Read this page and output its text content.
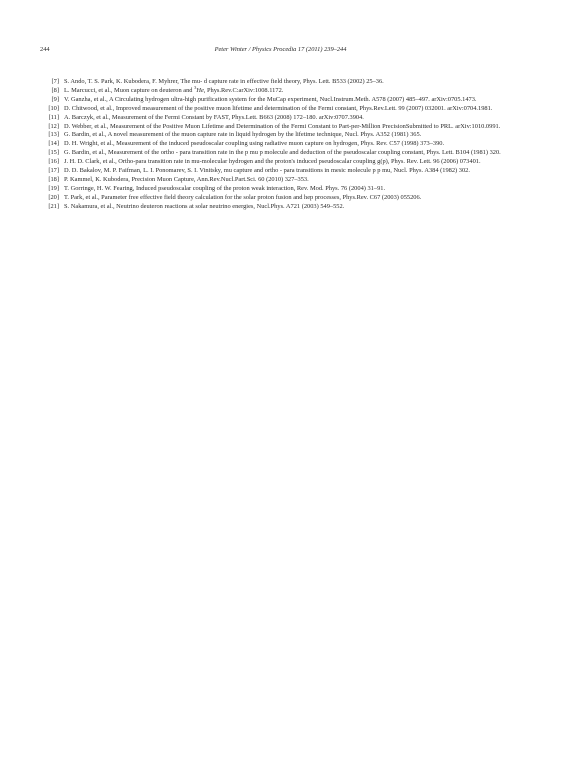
244	Peter Winter / Physics Procedia 17 (2011) 239–244
[7] S. Ando, T. S. Park, K. Kubodera, F. Myhrer, The mu- d capture rate in effective field theory, Phys. Lett. B533 (2002) 25–36.
[8] L. Marcucci, et al., Muon capture on deuteron and $^3$He, Phys.Rev.C:arXiv:1008.1172.
[9] V. Ganzha, et al., A Circulating hydrogen ultra-high purification system for the MuCap experiment, Nucl.Instrum.Meth. A578 (2007) 485–497. arXiv:0705.1473.
[10] D. Chitwood, et al., Improved measurement of the positive muon lifetime and determination of the Fermi constant, Phys.Rev.Lett. 99 (2007) 032001. arXiv:0704.1981.
[11] A. Barczyk, et al., Measurement of the Fermi Constant by FAST, Phys.Lett. B663 (2008) 172–180. arXiv:0707.3904.
[12] D. Webber, et al., Measurement of the Positive Muon Lifetime and Determination of the Fermi Constant to Part-per-Million PrecisionSubmitted to PRL. arXiv:1010.0991.
[13] G. Bardin, et al., A novel measurement of the muon capture rate in liquid hydrogen by the lifetime technique, Nucl. Phys. A352 (1981) 365.
[14] D. H. Wright, et al., Measurement of the induced pseudoscalar coupling using radiative muon capture on hydrogen, Phys. Rev. C57 (1998) 373–390.
[15] G. Bardin, et al., Measurement of the ortho - para transition rate in the p mu p molecule and deduction of the pseudoscalar coupling constant, Phys. Lett. B104 (1981) 320.
[16] J. H. D. Clark, et al., Ortho-para transition rate in mu-molecular hydrogen and the proton's induced pseudoscalar coupling g(p), Phys. Rev. Lett. 96 (2006) 073401.
[17] D. D. Bakalov, M. P. Faifman, L. I. Ponomarev, S. I. Vinitsky, mu capture and ortho - para transitions in mesic molecule p p mu, Nucl. Phys. A384 (1982) 302.
[18] P. Kammel, K. Kubodera, Precision Muon Capture, Ann.Rev.Nucl.Part.Sci. 60 (2010) 327–353.
[19] T. Gorringe, H. W. Fearing, Induced pseudoscalar coupling of the proton weak interaction, Rev. Mod. Phys. 76 (2004) 31–91.
[20] T. Park, et al., Parameter free effective field theory calculation for the solar proton fusion and hep processes, Phys.Rev. C67 (2003) 055206.
[21] S. Nakamura, et al., Neutrino deuteron reactions at solar neutrino energies, Nucl.Phys. A721 (2003) 549–552.
